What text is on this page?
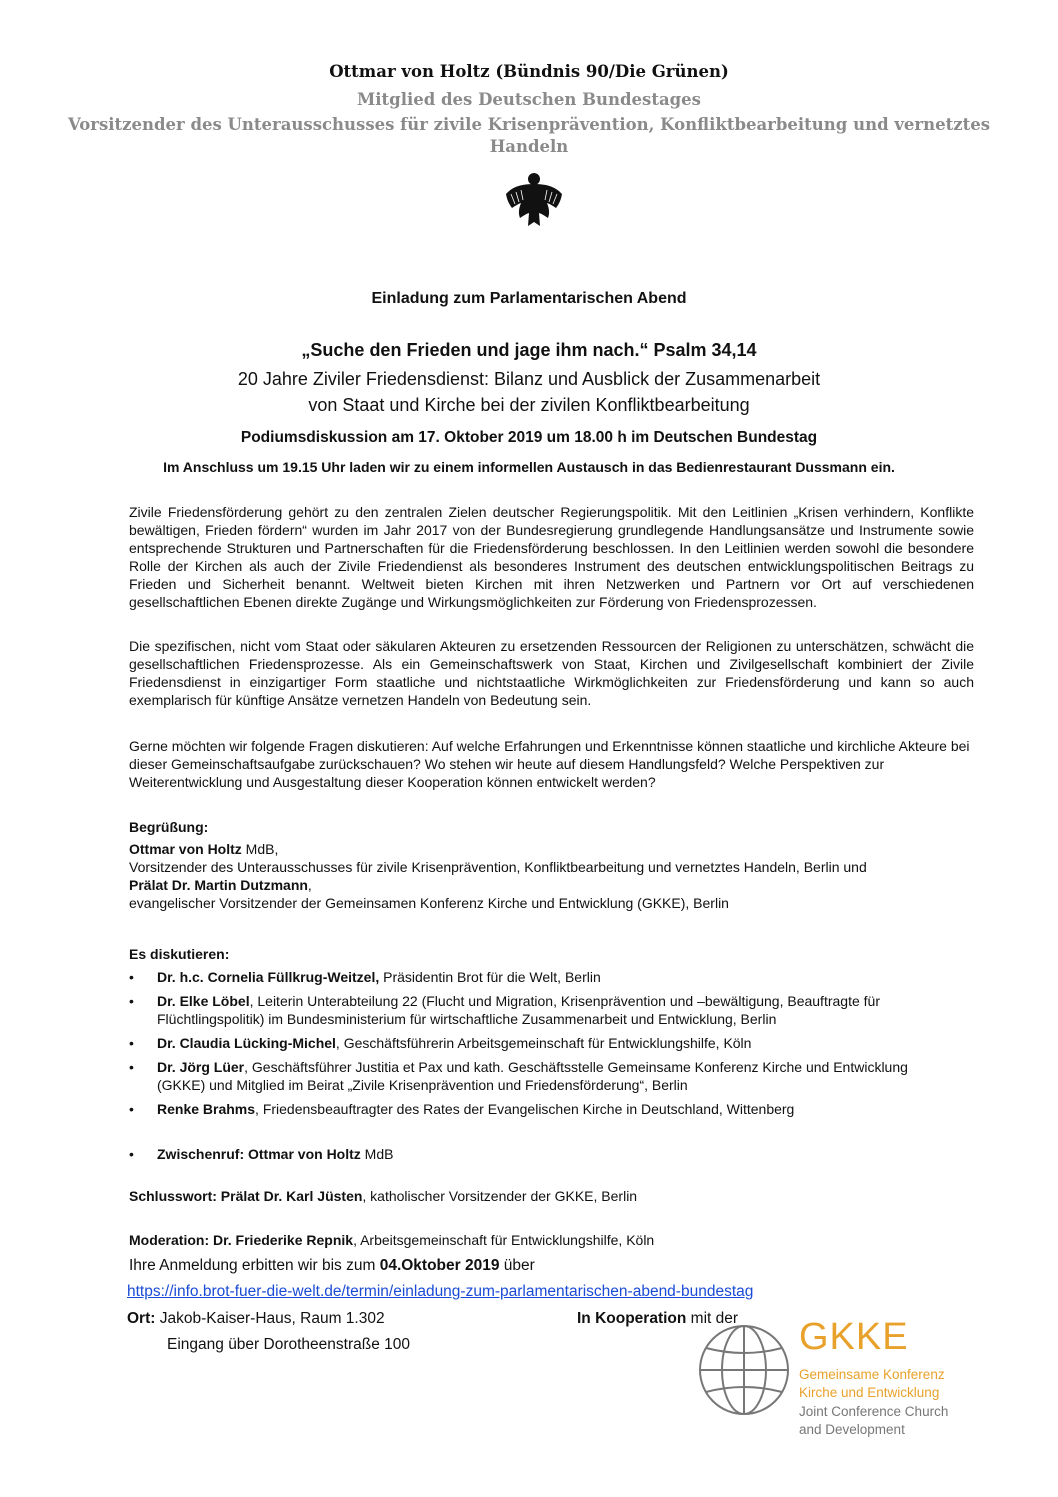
Ottmar von Holtz (Bündnis 90/Die Grünen)
Mitglied des Deutschen Bundestages
Vorsitzender des Unterausschusses für zivile Krisenprävention, Konfliktbearbeitung und vernetztes
Handeln
Einladung zum Parlamentarischen Abend
„Suche den Frieden und jage ihm nach.“ Psalm 34,14
20 Jahre Ziviler Friedensdienst: Bilanz und Ausblick der Zusammenarbeit
von Staat und Kirche bei der zivilen Konfliktbearbeitung
Podiumsdiskussion am 17. Oktober 2019 um 18.00 h im Deutschen Bundestag
Im Anschluss um 19.15 Uhr laden wir zu einem informellen Austausch in das Bedienrestaurant Dussmann ein.
Zivile Friedensförderung gehört zu den zentralen Zielen deutscher Regierungspolitik. Mit den Leitlinien „Krisen verhindern, Konflikte bewältigen, Frieden fördern“ wurden im Jahr 2017 von der Bundesregierung grundlegende Handlungsansätze und Instrumente sowie entsprechende Strukturen und Partnerschaften für die Friedensförderung beschlossen. In den Leitlinien werden sowohl die besondere Rolle der Kirchen als auch der Zivile Friedendienst als besonderes Instrument des deutschen entwicklungspolitischen Beitrags zu Frieden und Sicherheit benannt. Weltweit bieten Kirchen mit ihren Netzwerken und Partnern vor Ort auf verschiedenen gesellschaftlichen Ebenen direkte Zugänge und Wirkungsmöglichkeiten zur Förderung von Friedensprozessen.
Die spezifischen, nicht vom Staat oder säkularen Akteuren zu ersetzenden Ressourcen der Religionen zu unterschätzen, schwächt die gesellschaftlichen Friedensprozesse. Als ein Gemeinschaftswerk von Staat, Kirchen und Zivilgesellschaft kombiniert der Zivile Friedensdienst in einzigartiger Form staatliche und nichtstaatliche Wirkmöglichkeiten zur Friedensförderung und kann so auch exemplarisch für künftige Ansätze vernetzen Handeln von Bedeutung sein.
Gerne möchten wir folgende Fragen diskutieren: Auf welche Erfahrungen und Erkenntnisse können staatliche und kirchliche Akteure bei dieser Gemeinschaftsaufgabe zurückschauen? Wo stehen wir heute auf diesem Handlungsfeld? Welche Perspektiven zur Weiterentwicklung und Ausgestaltung dieser Kooperation können entwickelt werden?
Begrüßung:
Ottmar von Holtz MdB,
Vorsitzender des Unterausschusses für zivile Krisenprävention, Konfliktbearbeitung und vernetztes Handeln, Berlin und
Prälat Dr. Martin Dutzmann,
evangelischer Vorsitzender der Gemeinsamen Konferenz Kirche und Entwicklung (GKKE), Berlin
Es diskutieren:
• Dr. h.c. Cornelia Füllkrug-Weitzel, Präsidentin Brot für die Welt, Berlin
• Dr. Elke Löbel, Leiterin Unterabteilung 22 (Flucht und Migration, Krisenprävention und –bewältigung, Beauftragte für Flüchtlingspolitik) im Bundesministerium für wirtschaftliche Zusammenarbeit und Entwicklung, Berlin
• Dr. Claudia Lücking-Michel, Geschäftsführerin Arbeitsgemeinschaft für Entwicklungshilfe, Köln
• Dr. Jörg Lüer, Geschäftsführer Justitia et Pax und kath. Geschäftsstelle Gemeinsame Konferenz Kirche und Entwicklung (GKKE) und Mitglied im Beirat „Zivile Krisenprävention und Friedensförderung“, Berlin
• Renke Brahms, Friedensbeauftragter des Rates der Evangelischen Kirche in Deutschland, Wittenberg
• Zwischenruf: Ottmar von Holtz MdB
Schlusswort: Prälat Dr. Karl Jüsten, katholischer Vorsitzender der GKKE, Berlin
Moderation: Dr. Friederike Repnik, Arbeitsgemeinschaft für Entwicklungshilfe, Köln
Ihre Anmeldung erbitten wir bis zum 04.Oktober 2019 über
https://info.brot-fuer-die-welt.de/termin/einladung-zum-parlamentarischen-abend-bundestag
Ort: Jakob-Kaiser-Haus, Raum 1.302
Eingang über Dorotheenstraße 100
In Kooperation mit der GKKE
Gemeinsame Konferenz
Kirche und Entwicklung
Joint Conference Church
and Development
